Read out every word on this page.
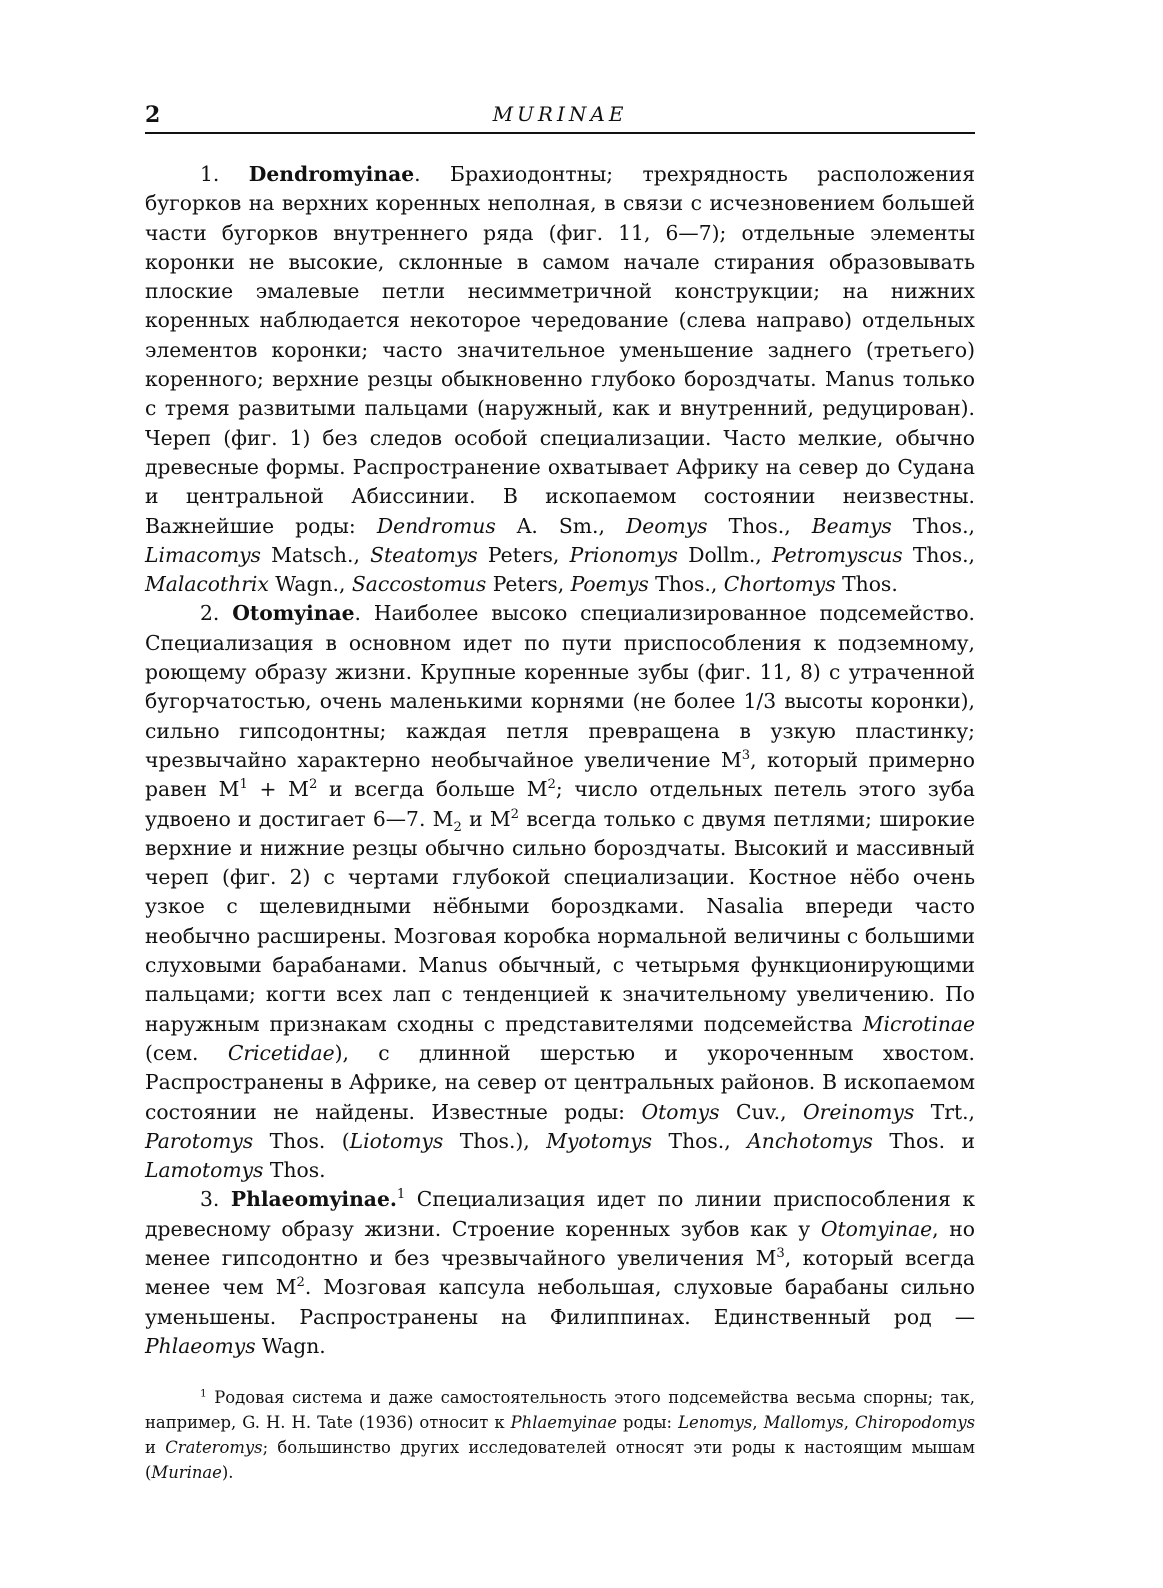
2	MURINAE

1. Dendromyinae. Брахиодонтны; трехрядность расположения бугорков на верхних коренных неполная, в связи с исчезновением большей части бугорков внутреннего ряда (фиг. 11, 6—7); отдельные элементы коронки не высокие, склонные в самом начале стирания образовывать плоские эмалевые петли несимметричной конструкции; на нижних коренных наблюдается некоторое чередование (слева направо) отдельных элементов коронки; часто значительное уменьшение заднего (третьего) коренного; верхние резцы обыкновенно глубоко бороздчаты. Manus только с тремя развитыми пальцами (наружный, как и внутренний, редуцирован). Череп (фиг. 1) без следов особой специализации. Часто мелкие, обычно древесные формы. Распространение охватывает Африку на север до Судана и центральной Абиссинии. В ископаемом состоянии неизвестны. Важнейшие роды: Dendromus A. Sm., Deomys Thos., Beamys Thos., Limacomys Matsch., Steatomys Peters, Prionomys Dollm., Petromyscus Thos., Malacothrix Wagn., Saccostomus Peters, Poemys Thos., Chortomys Thos.

2. Otomyinae. Наиболее высоко специализированное подсемейство. Специализация в основном идет по пути приспособления к подземному, роющему образу жизни. Крупные коренные зубы (фиг. 11, 8) с утраченной бугорчатостью, очень маленькими корнями (не более 1/3 высоты коронки), сильно гипсодонтны; каждая петля превращена в узкую пластинку; чрезвычайно характерно необычайное увеличение $M^3$, который примерно равен $M^1 + M^2$ и всегда больше $M^2$; число отдельных петель этого зуба удвоено и достигает 6—7. $M_2$ и $M^2$ всегда только с двумя петлями; широкие верхние и нижние резцы обычно сильно бороздчаты. Высокий и массивный череп (фиг. 2) с чертами глубокой специализации. Костное нёбо очень узкое с щелевидными нёбными бороздками. Nasalia впереди часто необычно расширены. Мозговая коробка нормальной величины с большими слуховыми барабанами. Manus обычный, с четырьмя функционирующими пальцами; когти всех лап с тенденцией к значительному увеличению. По наружным признакам сходны с представителями подсемейства Microtinae (сем. Cricetidae), с длинной шерстью и укороченным хвостом. Распространены в Африке, на север от центральных районов. В ископаемом состоянии не найдены. Известные роды: Otomys Cuv., Oreinomys Trt., Parotomys Thos. (Liotomys Thos.), Myotomys Thos., Anchotomys Thos. и Lamotomys Thos.

3. Phlaeomyinae.$^1$ Специализация идет по линии приспособления к древесному образу жизни. Строение коренных зубов как у Otomyinae, но менее гипсодонтно и без чрезвычайного увеличения $M^3$, который всегда менее чем $M^2$. Мозговая капсула небольшая, слуховые барабаны сильно уменьшены. Распространены на Филиппинах. Единственный род — Phlaeomys Wagn.

$^1$ Родовая система и даже самостоятельность этого подсемейства весьма спорны; так, например, G. H. H. Tate (1936) относит к Phlaemyinae роды: Lenomys, Mallomys, Chiropodomys и Crateromys; большинство других исследователей относят эти роды к настоящим мышам (Murinae).
